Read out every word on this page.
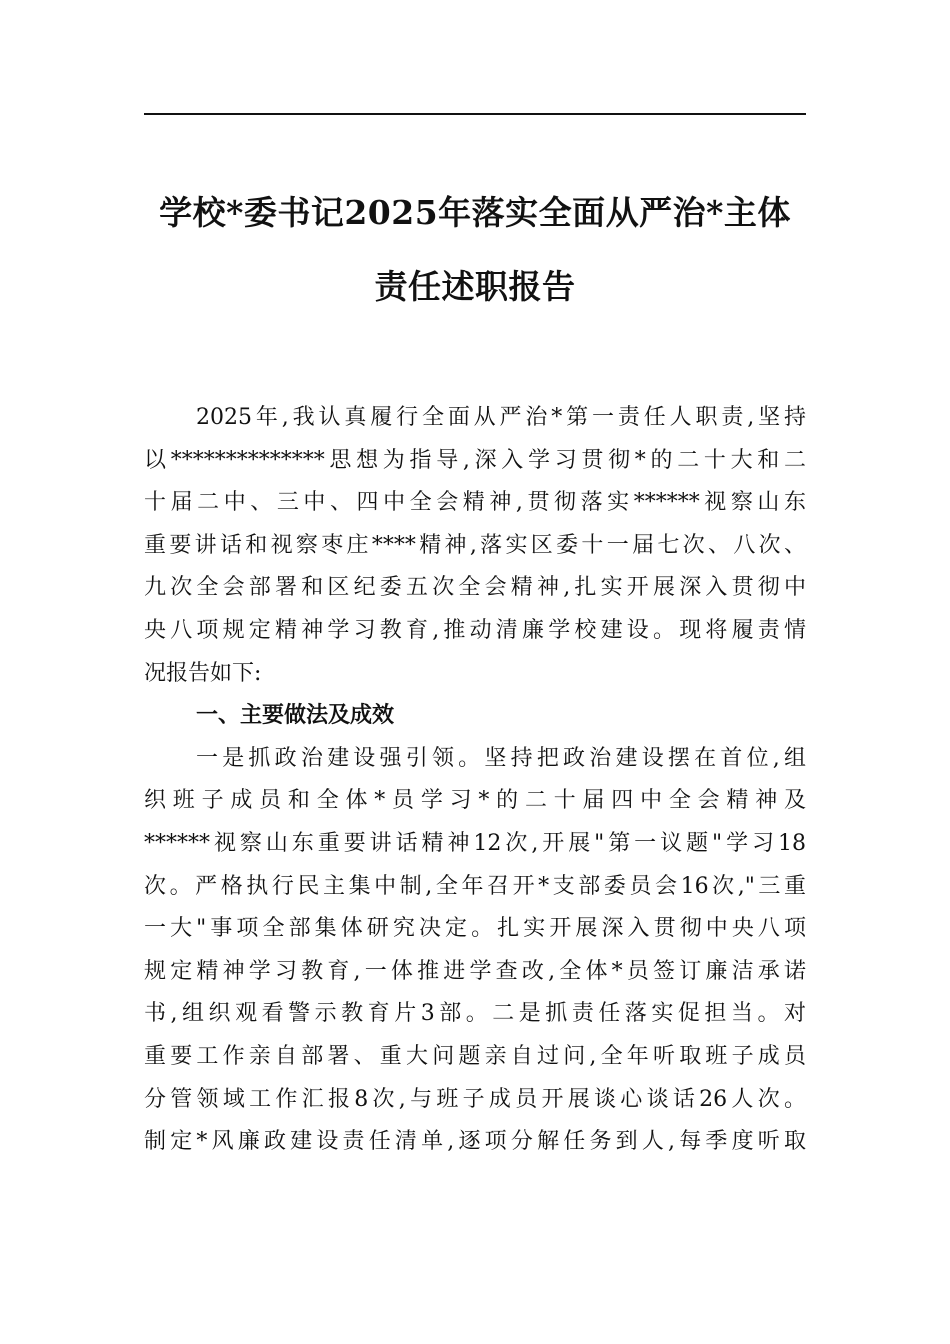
学校*委书记2025年落实全面从严治*主体
责任述职报告
2025年,我认真履行全面从严治*第一责任人职责,坚持
以**************思想为指导,深入学习贯彻*的二十大和二
十届二中、三中、四中全会精神,贯彻落实******视察山东
重要讲话和视察枣庄****精神,落实区委十一届七次、八次、
九次全会部署和区纪委五次全会精神,扎实开展深入贯彻中
央八项规定精神学习教育,推动清廉学校建设。现将履责情
况报告如下:
一、主要做法及成效
一是抓政治建设强引领。坚持把政治建设摆在首位,组
织班子成员和全体*员学习*的二十届四中全会精神及
******视察山东重要讲话精神12次,开展"第一议题"学习18
次。严格执行民主集中制,全年召开*支部委员会16次,"三重
一大"事项全部集体研究决定。扎实开展深入贯彻中央八项
规定精神学习教育,一体推进学查改,全体*员签订廉洁承诺
书,组织观看警示教育片3部。二是抓责任落实促担当。对
重要工作亲自部署、重大问题亲自过问,全年听取班子成员
分管领域工作汇报8次,与班子成员开展谈心谈话26人次。
制定*风廉政建设责任清单,逐项分解任务到人,每季度听取
